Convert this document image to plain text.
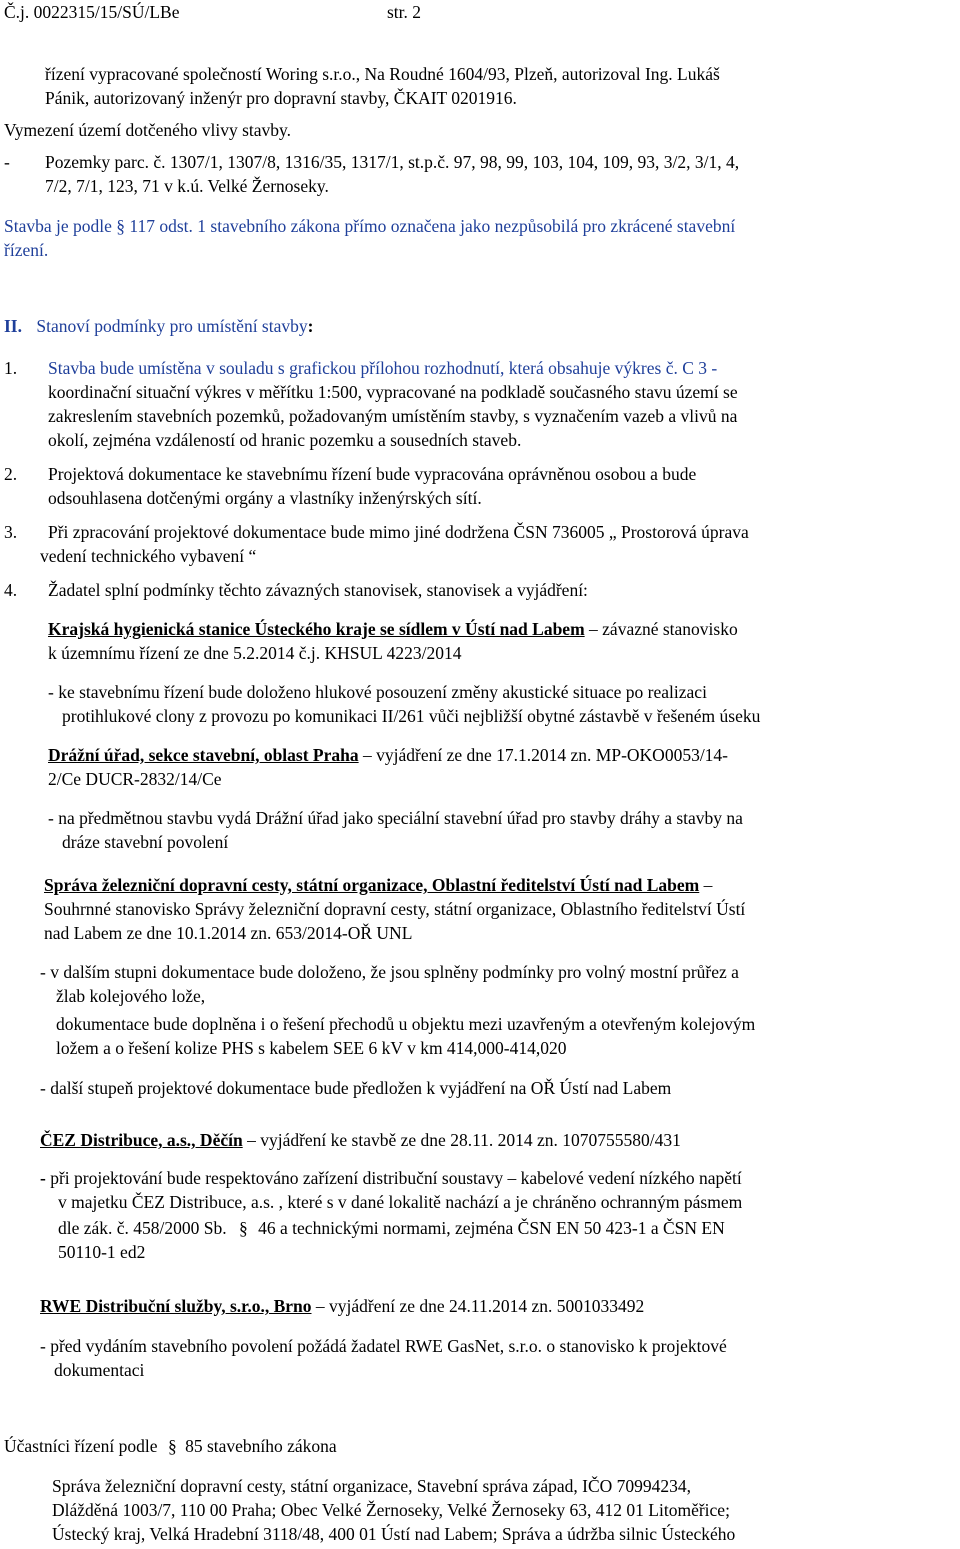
Č.j. 0022315/15/SÚ/LBe	str. 2
řízení vypracované společností Woring s.r.o., Na Roudné 1604/93, Plzeň, autorizoval Ing. Lukáš
Pánik, autorizovaný inženýr pro dopravní stavby, ČKAIT 0201916.
Vymezení území dotčeného vlivy stavby.
- Pozemky parc. č. 1307/1, 1307/8, 1316/35, 1317/1, st.p.č. 97, 98, 99, 103, 104, 109, 93, 3/2, 3/1, 4,
7/2, 7/1, 123, 71 v k.ú. Velké Žernoseky.
Stavba je podle § 117 odst. 1 stavebního zákona přímo označena jako nezpůsobilá pro zkrácené stavební
řízení.
II. Stanoví podmínky pro umístění stavby:
1. Stavba bude umístěna v souladu s grafickou přílohou rozhodnutí, která obsahuje výkres č. C 3 -
koordinační situační výkres v měřítku 1:500, vypracované na podkladě současného stavu území se
zakreslením stavebních pozemků, požadovaným umístěním stavby, s vyznačením vazeb a vlivů na
okolí, zejména vzdáleností od hranic pozemku a sousedních staveb.
2. Projektová dokumentace ke stavebnímu řízení bude vypracována oprávněnou osobou a bude
odsouhlasena dotčenými orgány a vlastníky inženýrských sítí.
3. Při zpracování projektové dokumentace bude mimo jiné dodržena ČSN 736005 „ Prostorová úprava
vedení technického vybavení “
4. Žadatel splní podmínky těchto závazných stanovisek, stanovisek a vyjádření:
Krajská hygienická stanice Ústeckého kraje se sídlem v Ústí nad Labem – závazné stanovisko
k územnímu řízení ze dne 5.2.2014 č.j. KHSUL 4223/2014
- ke stavebnímu řízení bude doloženo hlukové posouzení změny akustické situace po realizaci
protihlukové clony z provozu po komunikaci II/261 vůči nejbližší obytné zástavbě v řešeném úseku
Drážní úřad, sekce stavební, oblast Praha – vyjádření ze dne 17.1.2014 zn. MP-OKO0053/14-
2/Ce DUCR-2832/14/Ce
- na předmětnou stavbu vydá Drážní úřad jako speciální stavební úřad pro stavby dráhy a stavby na
dráze stavební povolení
Správa železniční dopravní cesty, státní organizace, Oblastní ředitelství Ústí nad Labem –
Souhrnné stanovisko Správy železniční dopravní cesty, státní organizace, Oblastního ředitelství Ústí
nad Labem ze dne 10.1.2014 zn. 653/2014-OŘ UNL
- v dalším stupni dokumentace bude doloženo, že jsou splněny podmínky pro volný mostní průřez a
žlab kolejového lože,
dokumentace bude doplněna i o řešení přechodů u objektu mezi uzavřeným a otevřeným kolejovým
ložem a o řešení kolize PHS s kabelem SEE 6 kV v km 414,000-414,020
- další stupeň projektové dokumentace bude předložen k vyjádření na OŘ Ústí nad Labem
ČEZ Distribuce, a.s., Děčín – vyjádření ke stavbě ze dne 28.11. 2014 zn. 1070755580/431
- při projektování bude respektováno zařízení distribuční soustavy – kabelové vedení nízkého napětí
v majetku ČEZ Distribuce, a.s. , které s v dané lokalitě nachází a je chráněno ochranným pásmem
dle zák. č. 458/2000 Sb. § 46 a technickými normami, zejména ČSN EN 50 423-1 a ČSN EN
50110-1 ed2
RWE Distribuční služby, s.r.o., Brno – vyjádření ze dne 24.11.2014 zn. 5001033492
- před vydáním stavebního povolení požádá žadatel RWE GasNet, s.r.o. o stanovisko k projektové
dokumentaci
Účastníci řízení podle § 85 stavebního zákona
Správa železniční dopravní cesty, státní organizace, Stavební správa západ, IČO 70994234,
Dlážděná 1003/7, 110 00 Praha; Obec Velké Žernoseky, Velké Žernoseky 63, 412 01 Litoměřice;
Ústecký kraj, Velká Hradební 3118/48, 400 01 Ústí nad Labem; Správa a údržba silnic Ústeckého
